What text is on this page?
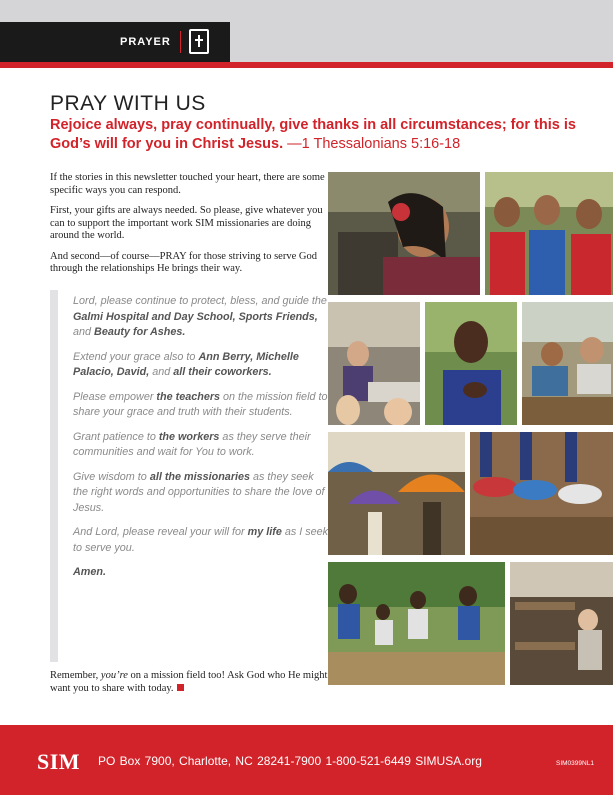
PRAYER
PRAY WITH US
Rejoice always, pray continually, give thanks in all circumstances; for this is God’s will for you in Christ Jesus. —1 Thessalonians 5:16-18

If the stories in this newsletter touched your heart, there are some specific ways you can respond.

First, your gifts are always needed. So please, give whatever you can to support the important work SIM missionaries are doing around the world.

And second—of course—PRAY for those striving to serve God through the relationships He brings their way.

Lord, please continue to protect, bless, and guide the Galmi Hospital and Day School, Sports Friends, and Beauty for Ashes.

Extend your grace also to Ann Berry, Michelle Palacio, David, and all their coworkers.

Please empower the teachers on the mission field to share your grace and truth with their students.

Grant patience to the workers as they serve their communities and wait for You to work.

Give wisdom to all the missionaries as they seek the right words and opportunities to share the love of Jesus.

And Lord, please reveal your will for my life as I seek to serve you.

Amen.

Remember, you’re on a mission field too! Ask God who He might want you to share with today.
SIM PO Box 7900, Charlotte, NC 28241-7900 1-800-521-6449 SIMUSA.org	SIM0399NL1
